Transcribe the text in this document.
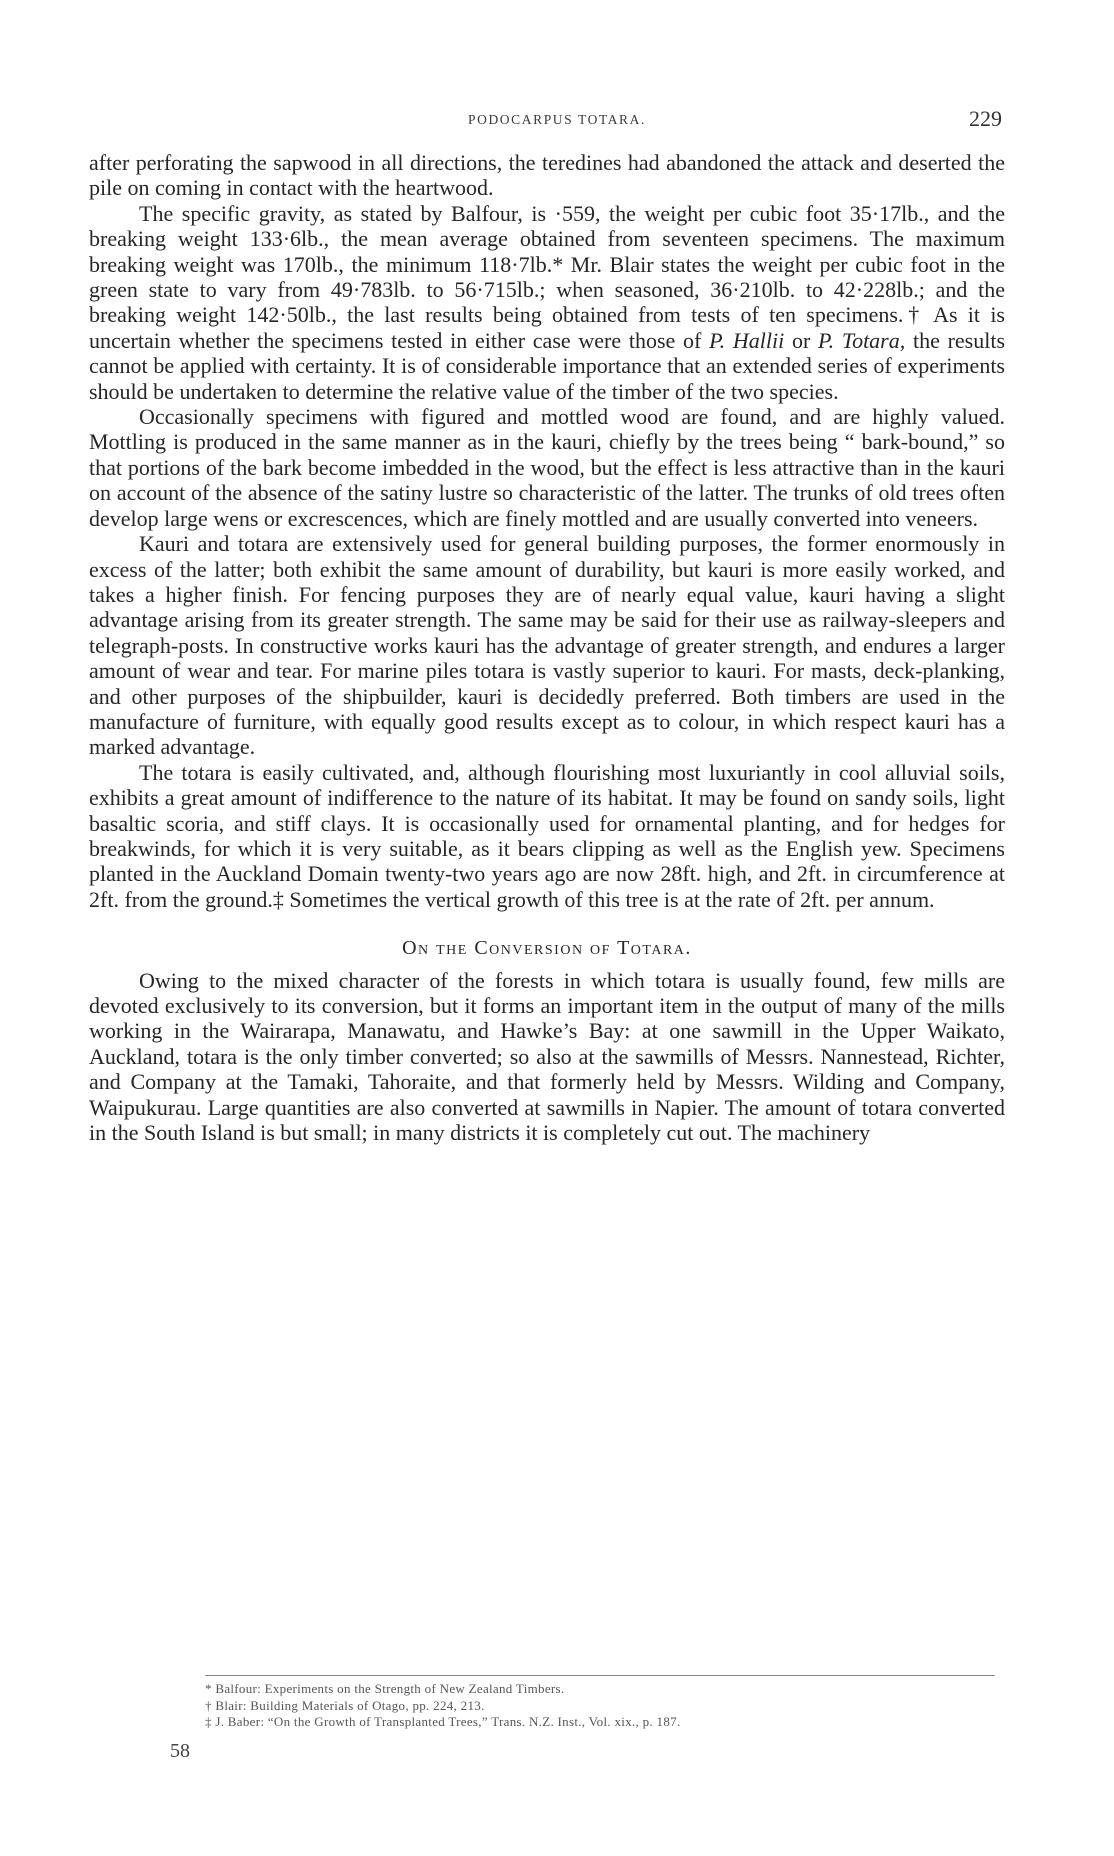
PODOCARPUS TOTARA.	229

after perforating the sapwood in all directions, the teredines had abandoned the attack and deserted the pile on coming in contact with the heartwood.

The specific gravity, as stated by Balfour, is ·559, the weight per cubic foot 35·17lb., and the breaking weight 133·6lb., the mean average obtained from seventeen specimens. The maximum breaking weight was 170lb., the minimum 118·7lb.* Mr. Blair states the weight per cubic foot in the green state to vary from 49·783lb. to 56·715lb.; when seasoned, 36·210lb. to 42·228lb.; and the breaking weight 142·50lb., the last results being obtained from tests of ten specimens.† As it is uncertain whether the specimens tested in either case were those of P. Hallii or P. Totara, the results cannot be applied with certainty. It is of considerable importance that an extended series of experiments should be undertaken to determine the relative value of the timber of the two species.

Occasionally specimens with figured and mottled wood are found, and are highly valued. Mottling is produced in the same manner as in the kauri, chiefly by the trees being “ bark-bound,” so that portions of the bark become imbedded in the wood, but the effect is less attractive than in the kauri on account of the absence of the satiny lustre so characteristic of the latter. The trunks of old trees often develop large wens or excrescences, which are finely mottled and are usually converted into veneers.

Kauri and totara are extensively used for general building purposes, the former enormously in excess of the latter; both exhibit the same amount of durability, but kauri is more easily worked, and takes a higher finish. For fencing purposes they are of nearly equal value, kauri having a slight advantage arising from its greater strength. The same may be said for their use as railway-sleepers and telegraph-posts. In constructive works kauri has the advantage of greater strength, and endures a larger amount of wear and tear. For marine piles totara is vastly superior to kauri. For masts, deck-planking, and other purposes of the shipbuilder, kauri is decidedly preferred. Both timbers are used in the manufacture of furniture, with equally good results except as to colour, in which respect kauri has a marked advantage.

The totara is easily cultivated, and, although flourishing most luxuriantly in cool alluvial soils, exhibits a great amount of indifference to the nature of its habitat. It may be found on sandy soils, light basaltic scoria, and stiff clays. It is occasionally used for ornamental planting, and for hedges for breakwinds, for which it is very suitable, as it bears clipping as well as the English yew. Specimens planted in the Auckland Domain twenty-two years ago are now 28ft. high, and 2ft. in circumference at 2ft. from the ground.‡ Sometimes the vertical growth of this tree is at the rate of 2ft. per annum.

On the Conversion of Totara.

Owing to the mixed character of the forests in which totara is usually found, few mills are devoted exclusively to its conversion, but it forms an important item in the output of many of the mills working in the Wairarapa, Manawatu, and Hawke’s Bay: at one sawmill in the Upper Waikato, Auckland, totara is the only timber converted; so also at the sawmills of Messrs. Nannestead, Richter, and Company at the Tamaki, Tahoraite, and that formerly held by Messrs. Wilding and Company, Waipukurau. Large quantities are also converted at sawmills in Napier. The amount of totara converted in the South Island is but small; in many districts it is completely cut out. The machinery

* Balfour: Experiments on the Strength of New Zealand Timbers.
† Blair: Building Materials of Otago, pp. 224, 213.
‡ J. Baber: “On the Growth of Transplanted Trees,” Trans. N.Z. Inst., Vol. xix., p. 187.
58
